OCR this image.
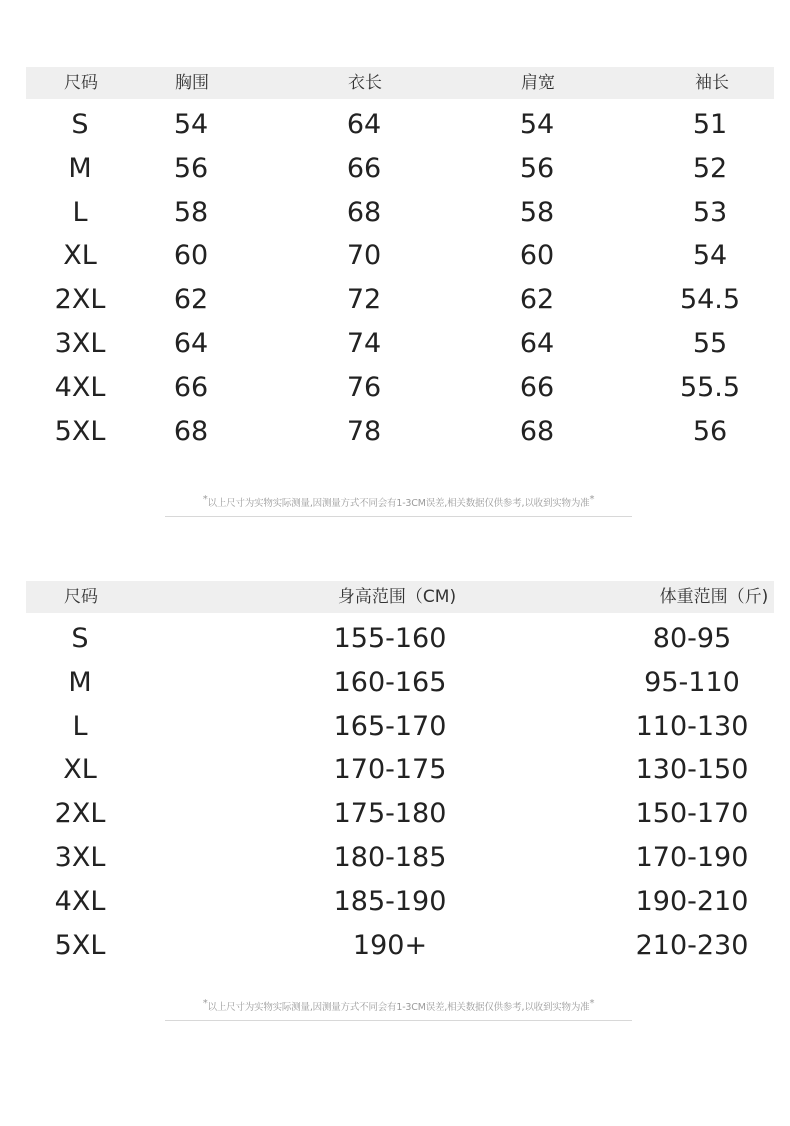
尺码	胸围	衣长	肩宽	袖长
S	54	64	54	51
M	56	66	56	52
L	58	68	58	53
XL	60	70	60	54
2XL	62	72	62	54.5
3XL	64	74	64	55
4XL	66	76	66	55.5
5XL	68	78	68	56
*以上尺寸为实物实际测量,因测量方式不同会有1-3CM误差,相关数据仅供参考,以收到实物为准*
尺码	身高范围（CM)	体重范围（斤)
S	155-160	80-95
M	160-165	95-110
L	165-170	110-130
XL	170-175	130-150
2XL	175-180	150-170
3XL	180-185	170-190
4XL	185-190	190-210
5XL	190+	210-230
*以上尺寸为实物实际测量,因测量方式不同会有1-3CM误差,相关数据仅供参考,以收到实物为准*
